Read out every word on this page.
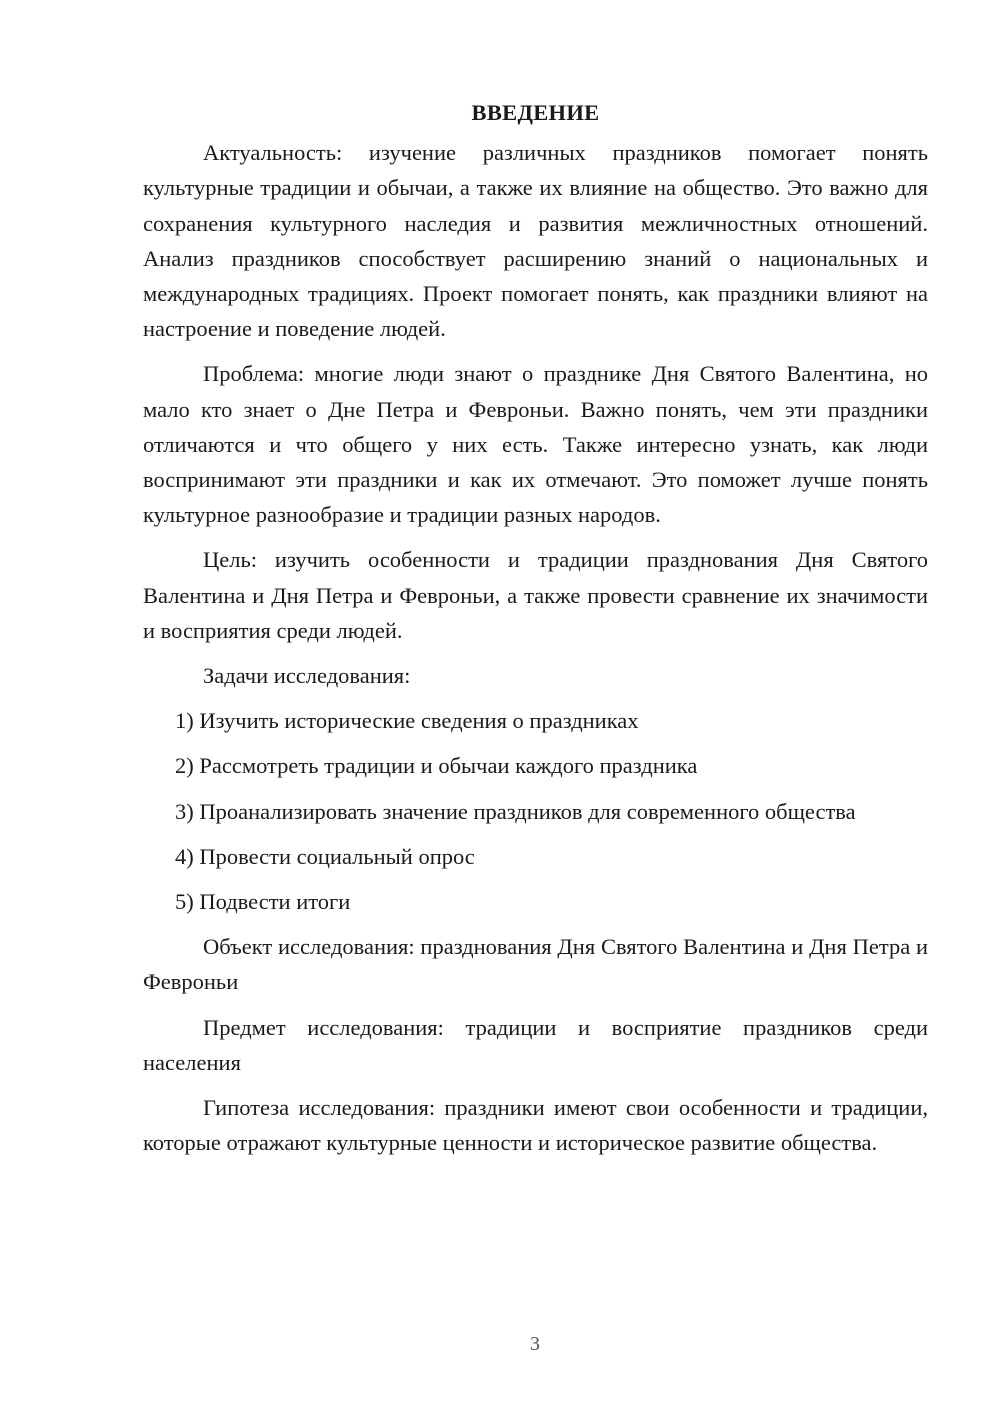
ВВЕДЕНИЕ

Актуальность: изучение различных праздников помогает понять культурные традиции и обычаи, а также их влияние на общество. Это важно для сохранения культурного наследия и развития межличностных отношений. Анализ праздников способствует расширению знаний о национальных и международных традициях. Проект помогает понять, как праздники влияют на настроение и поведение людей.

Проблема: многие люди знают о празднике Дня Святого Валентина, но мало кто знает о Дне Петра и Февроньи. Важно понять, чем эти праздники отличаются и что общего у них есть. Также интересно узнать, как люди воспринимают эти праздники и как их отмечают. Это поможет лучше понять культурное разнообразие и традиции разных народов.

Цель: изучить особенности и традиции празднования Дня Святого Валентина и Дня Петра и Февроньи, а также провести сравнение их значимости и восприятия среди людей.

Задачи исследования:

1) Изучить исторические сведения о праздниках

2) Рассмотреть традиции и обычаи каждого праздника

3) Проанализировать значение праздников для современного общества

4) Провести социальный опрос

5) Подвести итоги

Объект исследования: празднования Дня Святого Валентина и Дня Петра и Февроньи

Предмет исследования: традиции и восприятие праздников среди населения

Гипотеза исследования: праздники имеют свои особенности и традиции, которые отражают культурные ценности и историческое развитие общества.

3
